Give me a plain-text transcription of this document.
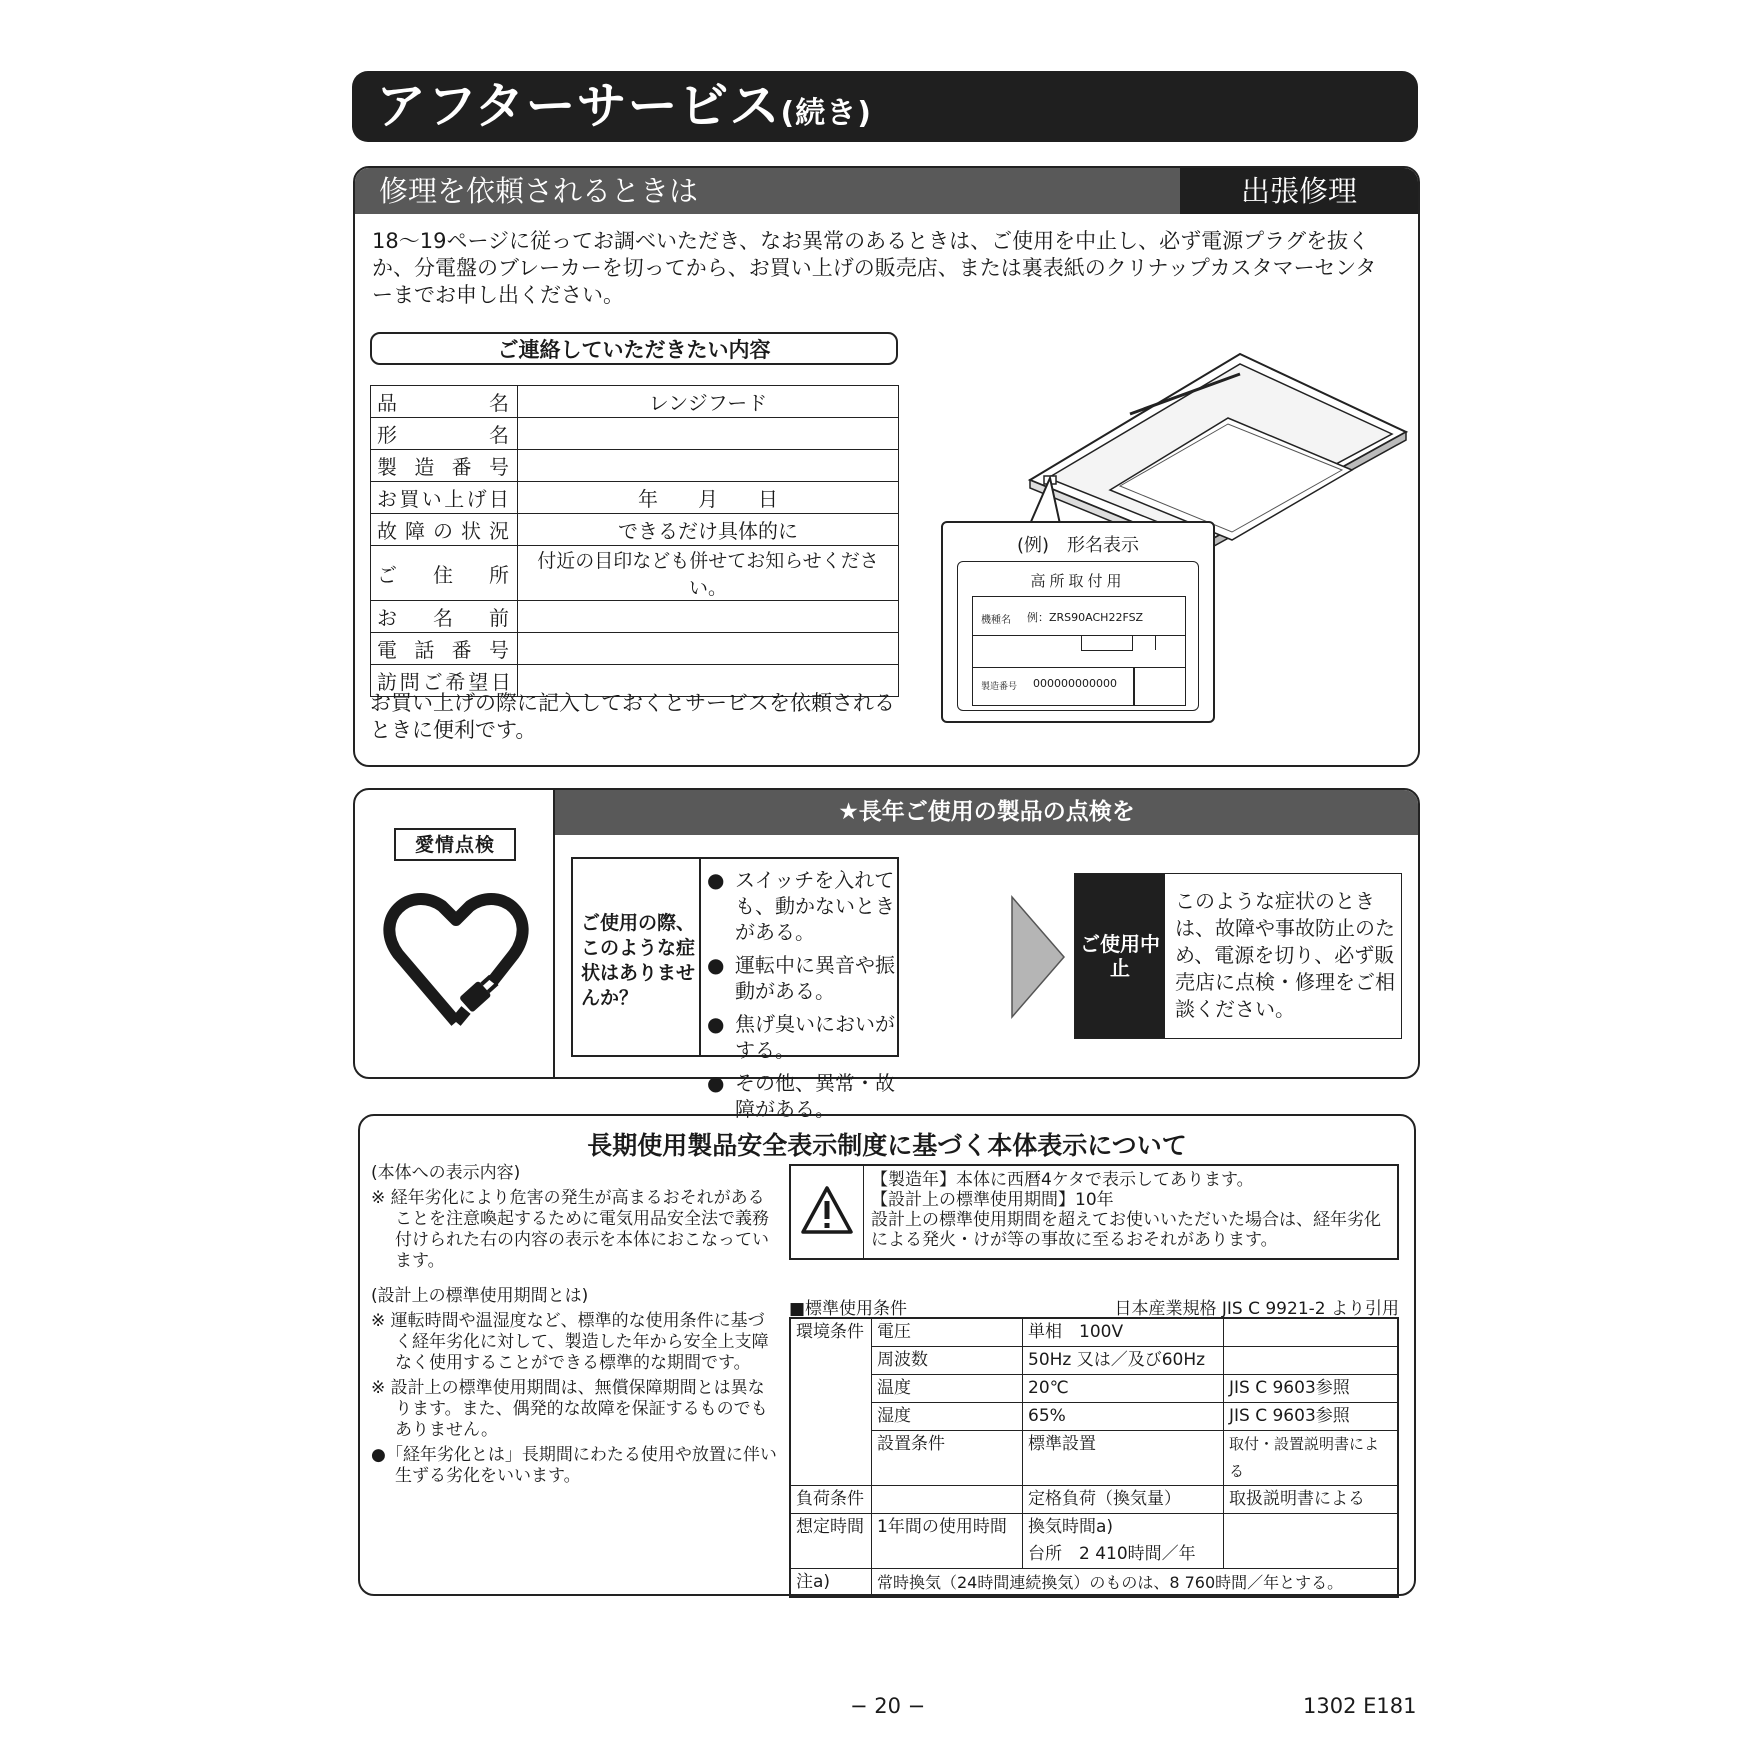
アフターサービス(続き)
修理を依頼されるときは	出張修理
18〜19ページに従ってお調べいただき、なお異常のあるときは、ご使用を中止し、必ず電源プラグを抜くか、分電盤のブレーカーを切ってから、お買い上げの販売店、または裏表紙のクリナップカスタマーセンターまでお申し出ください。
ご連絡していただきたい内容
品名	レンジフード
形名	
製造番号	
お買い上げ日	年　　月　　日
故障の状況	できるだけ具体的に
ご住所	付近の目印なども併せてお知らせください。
お名前	
電話番号	
訪問ご希望日	
お買い上げの際に記入しておくとサービスを依頼されるときに便利です。
(例)　形名表示
高所取付用
機種名 例：ZRS90ACH22FSZ
製造番号 000000000000
★長年ご使用の製品の点検を
愛情点検
ご使用の際、このような症状はありませんか？
● スイッチを入れても、動かないときがある。
● 運転中に異音や振動がある。
● 焦げ臭いにおいがする。
● その他、異常・故障がある。
ご使用中止
このような症状のときは、故障や事故防止のため、電源を切り、必ず販売店に点検・修理をご相談ください。
長期使用製品安全表示制度に基づく本体表示について

(本体への表示内容)

※ 経年劣化により危害の発生が高まるおそれがあることを注意喚起するために電気用品安全法で義務付けられた右の内容の表示を本体におこなっています。

(設計上の標準使用期間とは)

※ 運転時間や温湿度など、標準的な使用条件に基づく経年劣化に対して、製造した年から安全上支障なく使用することができる標準的な期間です。

※ 設計上の標準使用期間は、無償保障期間とは異なります。また、偶発的な故障を保証するものでもありません。

●「経年劣化とは」長期間にわたる使用や放置に伴い生ずる劣化をいいます。

【製造年】本体に西暦4ケタで表示してあります。
【設計上の標準使用期間】10年
設計上の標準使用期間を超えてお使いいただいた場合は、経年劣化による発火・けが等の事故に至るおそれがあります。
■標準使用条件	日本産業規格 JIS C 9921-2 より引用
環境条件	電圧	単相　100V	
	周波数	50Hz 又は／及び60Hz	
	温度	20℃	JIS C 9603参照
	湿度	65%	JIS C 9603参照
	設置条件	標準設置	取付・設置説明書による
負荷条件		定格負荷（換気量）	取扱説明書による
想定時間	1年間の使用時間	換気時間a)
台所　2 410時間／年	

注a)	常時換気（24時間連続換気）のものは、8 760時間／年とする。		
− 20 −	1302 E181
